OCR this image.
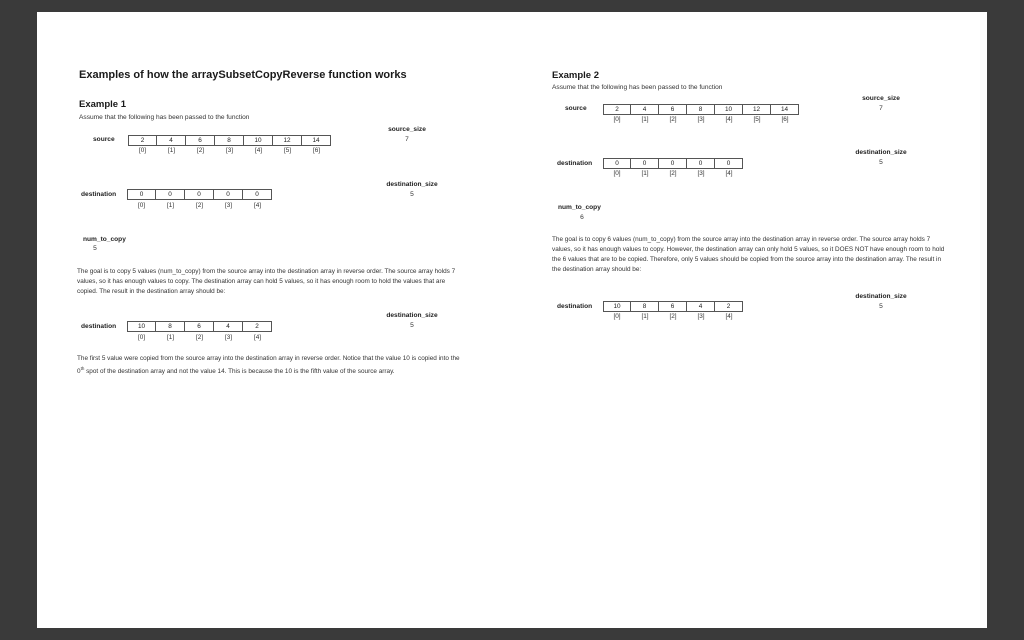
Examples of how the arraySubsetCopyReverse function works
Example 1
Assume that the following has been passed to the function
source_size
7
source	2	4	6	8	10	12	14
[0]	[1]	[2]	[3]	[4]	[5]	[6]
destination_size
5
destination	0	0	0	0	0
[0]	[1]	[2]	[3]	[4]
num_to_copy
5
The goal is to copy 5 values (num_to_copy) from the source array into the destination array in reverse order. The source array holds 7 values, so it has enough values to copy. The destination array can hold 5 values, so it has enough room to hold the values that are copied. The result in the destination array should be:
destination_size
5
destination	10	8	6	4	2
[0]	[1]	[2]	[3]	[4]
The first 5 value were copied from the source array into the destination array in reverse order. Notice that the value 10 is copied into the 0th spot of the destination array and not the value 14. This is because the 10 is the fifth value of the source array.
Example 2
Assume that the following has been passed to the function
source_size
7
source	2	4	6	8	10	12	14
[0]	[1]	[2]	[3]	[4]	[5]	[6]
destination_size
5
destination	0	0	0	0	0
[0]	[1]	[2]	[3]	[4]
num_to_copy
6
The goal is to copy 6 values (num_to_copy) from the source array into the destination array in reverse order. The source array holds 7 values, so it has enough values to copy. However, the destination array can only hold 5 values, so it DOES NOT have enough room to hold the 6 values that are to be copied. Therefore, only 5 values should be copied from the source array into the destination array. The result in the destination array should be:
destination_size
5
destination	10	8	6	4	2
[0]	[1]	[2]	[3]	[4]
